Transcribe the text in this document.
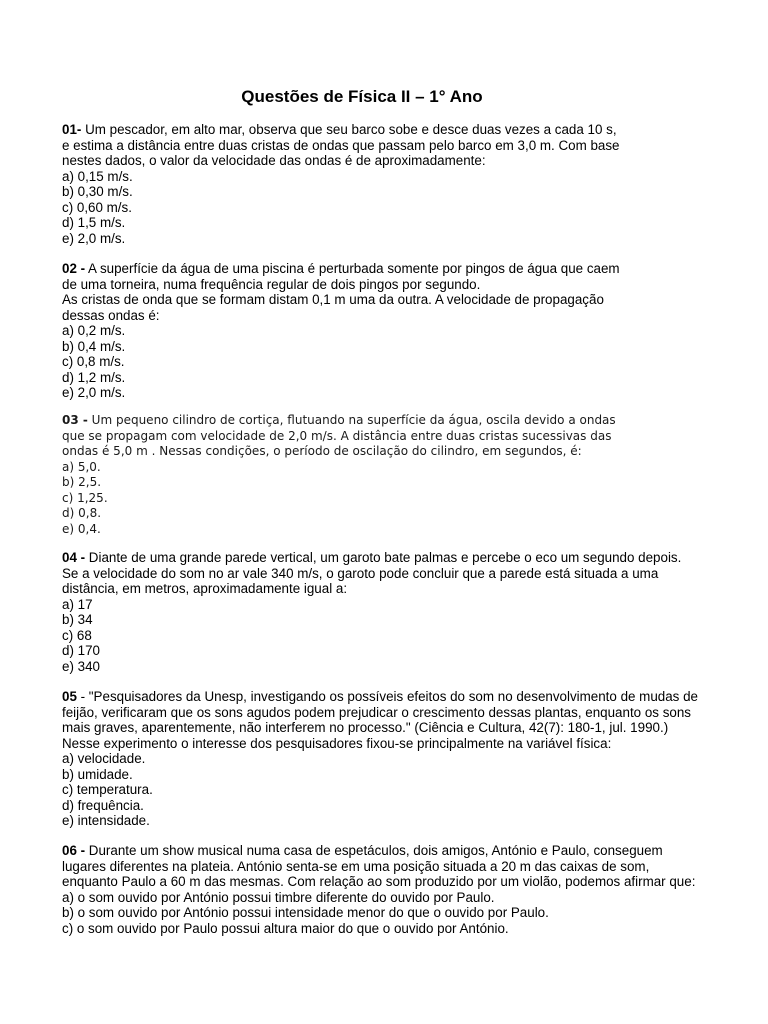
Questões de Física II – 1° Ano
01- Um pescador, em alto mar, observa que seu barco sobe e desce duas vezes a cada 10 s,
e estima a distância entre duas cristas de ondas que passam pelo barco em 3,0 m. Com base
nestes dados, o valor da velocidade das ondas é de aproximadamente:
a) 0,15 m/s.
b) 0,30 m/s.
c) 0,60 m/s.
d) 1,5 m/s.
e) 2,0 m/s.
02 - A superfície da água de uma piscina é perturbada somente por pingos de água que caem
de uma torneira, numa frequência regular de dois pingos por segundo.
As cristas de onda que se formam distam 0,1 m uma da outra. A velocidade de propagação
dessas ondas é:
a) 0,2 m/s.
b) 0,4 m/s.
c) 0,8 m/s.
d) 1,2 m/s.
e) 2,0 m/s.
03 - Um pequeno cilindro de cortiça, flutuando na superfície da água, oscila devido a ondas
que se propagam com velocidade de 2,0 m/s. A distância entre duas cristas sucessivas das
ondas é 5,0 m . Nessas condições, o período de oscilação do cilindro, em segundos, é:
a) 5,0.
b) 2,5.
c) 1,25.
d) 0,8.
e) 0,4.
04 - Diante de uma grande parede vertical, um garoto bate palmas e percebe o eco um segundo depois.
Se a velocidade do som no ar vale 340 m/s, o garoto pode concluir que a parede está situada a uma
distância, em metros, aproximadamente igual a:
a) 17
b) 34
c) 68
d) 170
e) 340
05 - "Pesquisadores da Unesp, investigando os possíveis efeitos do som no desenvolvimento de mudas de
feijão, verificaram que os sons agudos podem prejudicar o crescimento dessas plantas, enquanto os sons
mais graves, aparentemente, não interferem no processo." (Ciência e Cultura, 42(7): 180-1, jul. 1990.)
Nesse experimento o interesse dos pesquisadores fixou-se principalmente na variável física:
a) velocidade.
b) umidade.
c) temperatura.
d) frequência.
e) intensidade.
06 - Durante um show musical numa casa de espetáculos, dois amigos, António e Paulo, conseguem
lugares diferentes na plateia. António senta-se em uma posição situada a 20 m das caixas de som,
enquanto Paulo a 60 m das mesmas. Com relação ao som produzido por um violão, podemos afirmar que:
a) o som ouvido por António possui timbre diferente do ouvido por Paulo.
b) o som ouvido por António possui intensidade menor do que o ouvido por Paulo.
c) o som ouvido por Paulo possui altura maior do que o ouvido por António.
